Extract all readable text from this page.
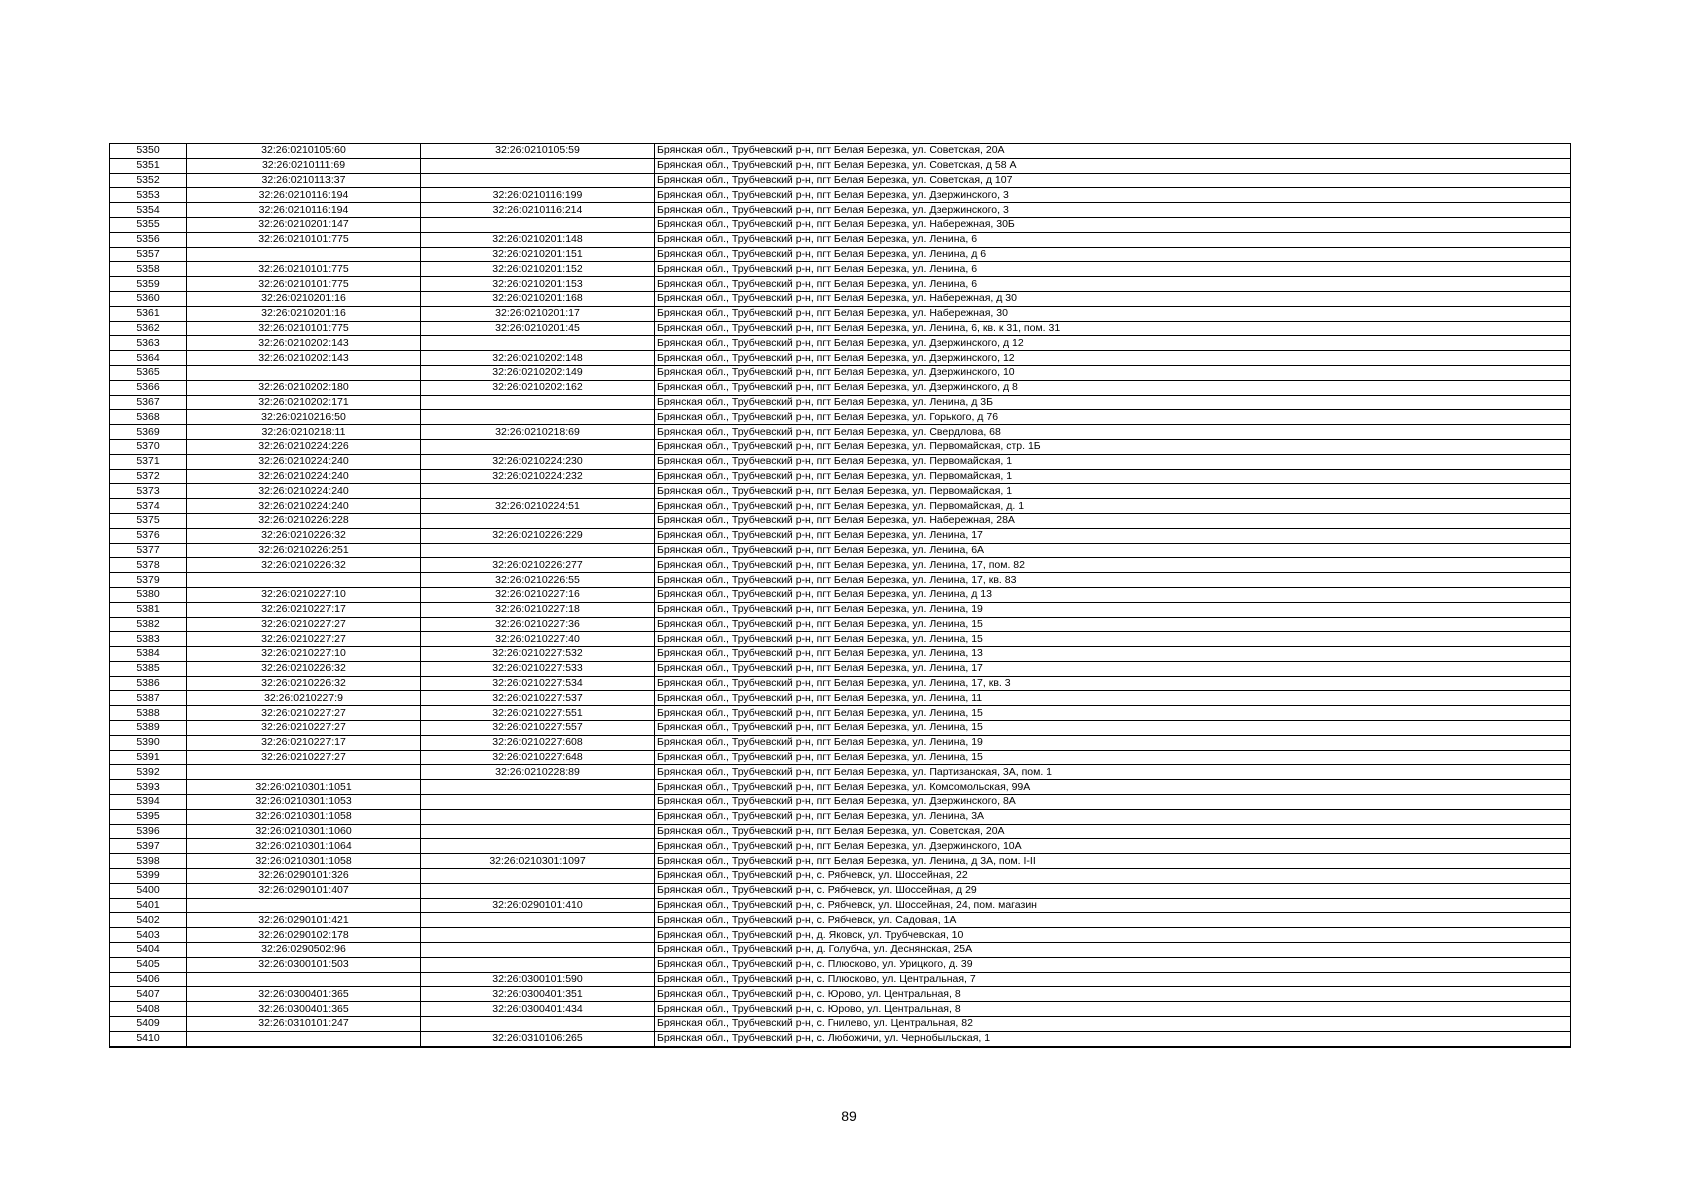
5350	32:26:0210105:60	32:26:0210105:59	Брянская обл., Трубчевский р-н, пгт Белая Березка, ул. Советская, 20А
5351	32:26:0210111:69		Брянская обл., Трубчевский р-н, пгт Белая Березка, ул. Советская, д 58 А
5352	32:26:0210113:37		Брянская обл., Трубчевский р-н, пгт Белая Березка, ул. Советская, д 107
5353	32:26:0210116:194	32:26:0210116:199	Брянская обл., Трубчевский р-н, пгт Белая Березка, ул. Дзержинского, 3
5354	32:26:0210116:194	32:26:0210116:214	Брянская обл., Трубчевский р-н, пгт Белая Березка, ул. Дзержинского, 3
5355	32:26:0210201:147		Брянская обл., Трубчевский р-н, пгт Белая Березка, ул. Набережная, 30Б
5356	32:26:0210101:775	32:26:0210201:148	Брянская обл., Трубчевский р-н, пгт Белая Березка, ул. Ленина, 6
5357		32:26:0210201:151	Брянская обл., Трубчевский р-н, пгт Белая Березка, ул. Ленина, д 6
5358	32:26:0210101:775	32:26:0210201:152	Брянская обл., Трубчевский р-н, пгт Белая Березка, ул. Ленина, 6
5359	32:26:0210101:775	32:26:0210201:153	Брянская обл., Трубчевский р-н, пгт Белая Березка, ул. Ленина, 6
5360	32:26:0210201:16	32:26:0210201:168	Брянская обл., Трубчевский р-н, пгт Белая Березка, ул. Набережная, д 30
5361	32:26:0210201:16	32:26:0210201:17	Брянская обл., Трубчевский р-н, пгт Белая Березка, ул. Набережная, 30
5362	32:26:0210101:775	32:26:0210201:45	Брянская обл., Трубчевский р-н, пгт Белая Березка, ул. Ленина, 6, кв. к 31, пом. 31
5363	32:26:0210202:143		Брянская обл., Трубчевский р-н, пгт Белая Березка, ул. Дзержинского, д 12
5364	32:26:0210202:143	32:26:0210202:148	Брянская обл., Трубчевский р-н, пгт Белая Березка, ул. Дзержинского, 12
5365		32:26:0210202:149	Брянская обл., Трубчевский р-н, пгт Белая Березка, ул. Дзержинского, 10
5366	32:26:0210202:180	32:26:0210202:162	Брянская обл., Трубчевский р-н, пгт Белая Березка, ул. Дзержинского, д 8
5367	32:26:0210202:171		Брянская обл., Трубчевский р-н, пгт Белая Березка, ул. Ленина, д 3Б
5368	32:26:0210216:50		Брянская обл., Трубчевский р-н, пгт Белая Березка, ул. Горького, д 76
5369	32:26:0210218:11	32:26:0210218:69	Брянская обл., Трубчевский р-н, пгт Белая Березка, ул. Свердлова, 68
5370	32:26:0210224:226		Брянская обл., Трубчевский р-н, пгт Белая Березка, ул. Первомайская, стр. 1Б
5371	32:26:0210224:240	32:26:0210224:230	Брянская обл., Трубчевский р-н, пгт Белая Березка, ул. Первомайская, 1
5372	32:26:0210224:240	32:26:0210224:232	Брянская обл., Трубчевский р-н, пгт Белая Березка, ул. Первомайская, 1
5373	32:26:0210224:240		Брянская обл., Трубчевский р-н, пгт Белая Березка, ул. Первомайская, 1
5374	32:26:0210224:240	32:26:0210224:51	Брянская обл., Трубчевский р-н, пгт Белая Березка, ул. Первомайская, д. 1
5375	32:26:0210226:228		Брянская обл., Трубчевский р-н, пгт Белая Березка, ул. Набережная, 28А
5376	32:26:0210226:32	32:26:0210226:229	Брянская обл., Трубчевский р-н, пгт Белая Березка, ул. Ленина, 17
5377	32:26:0210226:251		Брянская обл., Трубчевский р-н, пгт Белая Березка, ул. Ленина, 6А
5378	32:26:0210226:32	32:26:0210226:277	Брянская обл., Трубчевский р-н, пгт Белая Березка, ул. Ленина, 17, пом. 82
5379		32:26:0210226:55	Брянская обл., Трубчевский р-н, пгт Белая Березка, ул. Ленина, 17, кв. 83
5380	32:26:0210227:10	32:26:0210227:16	Брянская обл., Трубчевский р-н, пгт Белая Березка, ул. Ленина, д 13
5381	32:26:0210227:17	32:26:0210227:18	Брянская обл., Трубчевский р-н, пгт Белая Березка, ул. Ленина, 19
5382	32:26:0210227:27	32:26:0210227:36	Брянская обл., Трубчевский р-н, пгт Белая Березка, ул. Ленина, 15
5383	32:26:0210227:27	32:26:0210227:40	Брянская обл., Трубчевский р-н, пгт Белая Березка, ул. Ленина, 15
5384	32:26:0210227:10	32:26:0210227:532	Брянская обл., Трубчевский р-н, пгт Белая Березка, ул. Ленина, 13
5385	32:26:0210226:32	32:26:0210227:533	Брянская обл., Трубчевский р-н, пгт Белая Березка, ул. Ленина, 17
5386	32:26:0210226:32	32:26:0210227:534	Брянская обл., Трубчевский р-н, пгт Белая Березка, ул. Ленина, 17, кв. 3
5387	32:26:0210227:9	32:26:0210227:537	Брянская обл., Трубчевский р-н, пгт Белая Березка, ул. Ленина, 11
5388	32:26:0210227:27	32:26:0210227:551	Брянская обл., Трубчевский р-н, пгт Белая Березка, ул. Ленина, 15
5389	32:26:0210227:27	32:26:0210227:557	Брянская обл., Трубчевский р-н, пгт Белая Березка, ул. Ленина, 15
5390	32:26:0210227:17	32:26:0210227:608	Брянская обл., Трубчевский р-н, пгт Белая Березка, ул. Ленина, 19
5391	32:26:0210227:27	32:26:0210227:648	Брянская обл., Трубчевский р-н, пгт Белая Березка, ул. Ленина, 15
5392		32:26:0210228:89	Брянская обл., Трубчевский р-н, пгт Белая Березка, ул. Партизанская, 3А, пом. 1
5393	32:26:0210301:1051		Брянская обл., Трубчевский р-н, пгт Белая Березка, ул. Комсомольская, 99А
5394	32:26:0210301:1053		Брянская обл., Трубчевский р-н, пгт Белая Березка, ул. Дзержинского, 8А
5395	32:26:0210301:1058		Брянская обл., Трубчевский р-н, пгт Белая Березка, ул. Ленина, 3А
5396	32:26:0210301:1060		Брянская обл., Трубчевский р-н, пгт Белая Березка, ул. Советская, 20А
5397	32:26:0210301:1064		Брянская обл., Трубчевский р-н, пгт Белая Березка, ул. Дзержинского, 10А
5398	32:26:0210301:1058	32:26:0210301:1097	Брянская обл., Трубчевский р-н, пгт Белая Березка, ул. Ленина, д 3А, пом. I-II
5399	32:26:0290101:326		Брянская обл., Трубчевский р-н, с. Рябчевск, ул. Шоссейная, 22
5400	32:26:0290101:407		Брянская обл., Трубчевский р-н, с. Рябчевск, ул. Шоссейная, д 29
5401		32:26:0290101:410	Брянская обл., Трубчевский р-н, с. Рябчевск, ул. Шоссейная, 24, пом. магазин
5402	32:26:0290101:421		Брянская обл., Трубчевский р-н, с. Рябчевск, ул. Садовая, 1А
5403	32:26:0290102:178		Брянская обл., Трубчевский р-н, д. Яковск, ул. Трубчевская, 10
5404	32:26:0290502:96		Брянская обл., Трубчевский р-н, д. Голубча, ул. Деснянская, 25А
5405	32:26:0300101:503		Брянская обл., Трубчевский р-н, с. Плюсково, ул. Урицкого, д. 39
5406		32:26:0300101:590	Брянская обл., Трубчевский р-н, с. Плюсково, ул. Центральная, 7
5407	32:26:0300401:365	32:26:0300401:351	Брянская обл., Трубчевский р-н, с. Юрово, ул. Центральная, 8
5408	32:26:0300401:365	32:26:0300401:434	Брянская обл., Трубчевский р-н, с. Юрово, ул. Центральная, 8
5409	32:26:0310101:247		Брянская обл., Трубчевский р-н, с. Гнилево, ул. Центральная, 82
5410		32:26:0310106:265	Брянская обл., Трубчевский р-н, с. Любожичи, ул. Чернобыльская, 1
89
